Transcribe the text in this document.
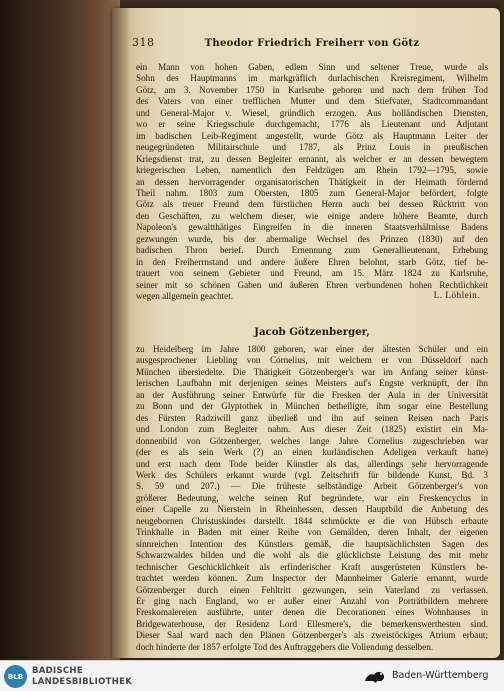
318	Theodor Friedrich Freiherr von Götz
ein Mann von hohen Gaben, edlem Sinn und seltener Treue, wurde als
Sohn des Hauptmanns im markgräflich durlachischen Kreisregiment, Wilhelm
Götz, am 3. November 1750 in Karlsruhe geboren und nach dem frühen Tod
des Vaters von einer trefflichen Mutter und dem Stiefvater, Stadtcommandant
und General-Major v. Wiesel, gründlich erzogen. Aus holländischen Diensten,
wo er seine Kriegsschule durchgemacht, 1776 als Lieutenant und Adjutant
im badischen Leib-Regiment angestellt, wurde Götz als Hauptmann Leiter der
neugegründeten Militairschule und 1787, als Prinz Louis in preußischen
Kriegsdienst trat, zu dessen Begleiter ernannt, als welcher er an dessen bewegtem
kriegerischen Leben, namentlich den Feldzügen am Rhein 1792—1795, sowie
an dessen hervorragender organisatorischen Thätigkeit in der Heimath fördernd
Theil nahm. 1803 zum Obersten, 1805 zum General-Major befördert, folgte
Götz als treuer Freund dem fürstlichen Herrn auch bei dessen Rücktritt von
den Geschäften, zu welchem dieser, wie einige andere höhere Beamte, durch
Napoleon's gewaltthätiges Eingreifen in die inneren Staatsverhältnisse Badens
gezwungen wurde, bis der abermalige Wechsel des Prinzen (1830) auf den
badischen Thron berief. Durch Ernennung zum Generallieutenant, Erhebung
in den Freiherrnstand und andere äußere Ehren belohnt, starb Götz, tief be-
trauert von seinem Gebieter und Freund, am 15. März 1824 zu Karlsruhe,
seiner mit so schönen Gaben und äußeren Ehren verbundenen hohen Rechtlichkeit
wegen allgemein geachtet.	L. Löhlein.
Jacob Götzenberger,
zu Heidelberg im Jahre 1800 geboren, war einer der ältesten Schüler und ein
ausgesprochener Liebling von Cornelius, mit welchem er von Düsseldorf nach
München übersiedelte. Die Thätigkeit Götzenberger's war im Anfang seiner künst-
lerischen Laufbahn mit derjenigen seines Meisters auf's Engste verknüpft, der ihn
an der Ausführung seiner Entwürfe für die Fresken der Aula in der Universität
zu Bonn und der Glyptothek in München betheiligte, ihm sogar eine Bestellung
des Fürsten Radziwill ganz überließ und ihn auf seinen Reisen nach Paris
und London zum Begleiter nahm. Aus dieser Zeit (1825) existirt ein Ma-
donnenbild von Götzenberger, welches lange Jahre Cornelius zugeschrieben war
(der es als sein Werk (?) an einen kurländischen Adeligen verkauft hatte)
und erst nach dem Tode beider Künstler als das, allerdings sehr hervorragende
Werk des Schülers erkannt wurde (vgl. Zeitschrift für bildende Kunst, Bd. 3
S. 59 und 207.) — Die früheste selbständige Arbeit Götzenberger's von
größerer Bedeutung, welche seinen Ruf begründete, war ein Freskencyclus in
einer Capelle zu Nierstein in Rheinhessen, dessen Hauptbild die Anbetung des
neugebornen Christuskindes darstellt. 1844 schmückte er die von Hübsch erbaute
Trinkhalle in Baden mit einer Reihe von Gemälden, deren Inhalt, der eigenen
sinnreichen Intention des Künstlers gemäß, die hauptsächlichsten Sagen des
Schwarzwaldes bilden und die wohl als die glücklichste Leistung des mit mehr
technischer Geschicklichkeit als erfinderischer Kraft ausgerüsteten Künstlers be-
trachtet werden können. Zum Inspector der Mannheimer Galerie ernannt, wurde
Götzenberger durch einen Fehltritt gezwungen, sein Vaterland zu verlassen.
Er ging nach England, wo er außer einer Anzahl von Porträtbildern mehrere
Freskomalereien ausführte, unter denen die Decorationen eines Wohnhauses in
Bridgewaterhouse, der Residenz Lord Ellesmere's, die bemerkenswerthesten sind.
Dieser Saal ward nach den Plänen Götzenberger's als zweistöckiges Atrium erbaut;
doch hinderte der 1857 erfolgte Tod des Auftraggebers die Vollendung desselben.
BLB
BADISCHE
LANDESBIBLIOTHEK
Baden-Württemberg
